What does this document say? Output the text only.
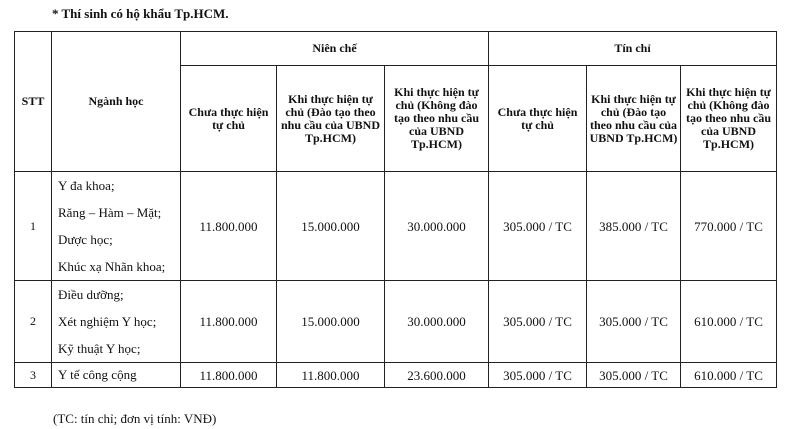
* Thí sinh có hộ khẩu Tp.HCM.
STT	Ngành học	Niên chế			Tín chỉ		
		Chưa thực hiện tự chủ	Khi thực hiện tự chủ (Đào tạo theo nhu cầu của UBND Tp.HCM)	Khi thực hiện tự chủ (Không đào tạo theo nhu cầu của UBND Tp.HCM)	Chưa thực hiện tự chủ	Khi thực hiện tự chủ (Đào tạo theo nhu cầu của UBND Tp.HCM)	Khi thực hiện tự chủ (Không đào tạo theo nhu cầu của UBND Tp.HCM)
1	Y đa khoa;
Răng – Hàm – Mặt;
Dược học;
Khúc xạ Nhãn khoa;	11.800.000	15.000.000	30.000.000	305.000 / TC	385.000 / TC	770.000 / TC
2	Điều dưỡng;
Xét nghiệm Y học;
Kỹ thuật Y học;	11.800.000	15.000.000	30.000.000	305.000 / TC	305.000 / TC	610.000 / TC
3	Y tế công cộng	11.800.000	11.800.000	23.600.000	305.000 / TC	305.000 / TC	610.000 / TC
(TC: tín chỉ; đơn vị tính: VNĐ)
